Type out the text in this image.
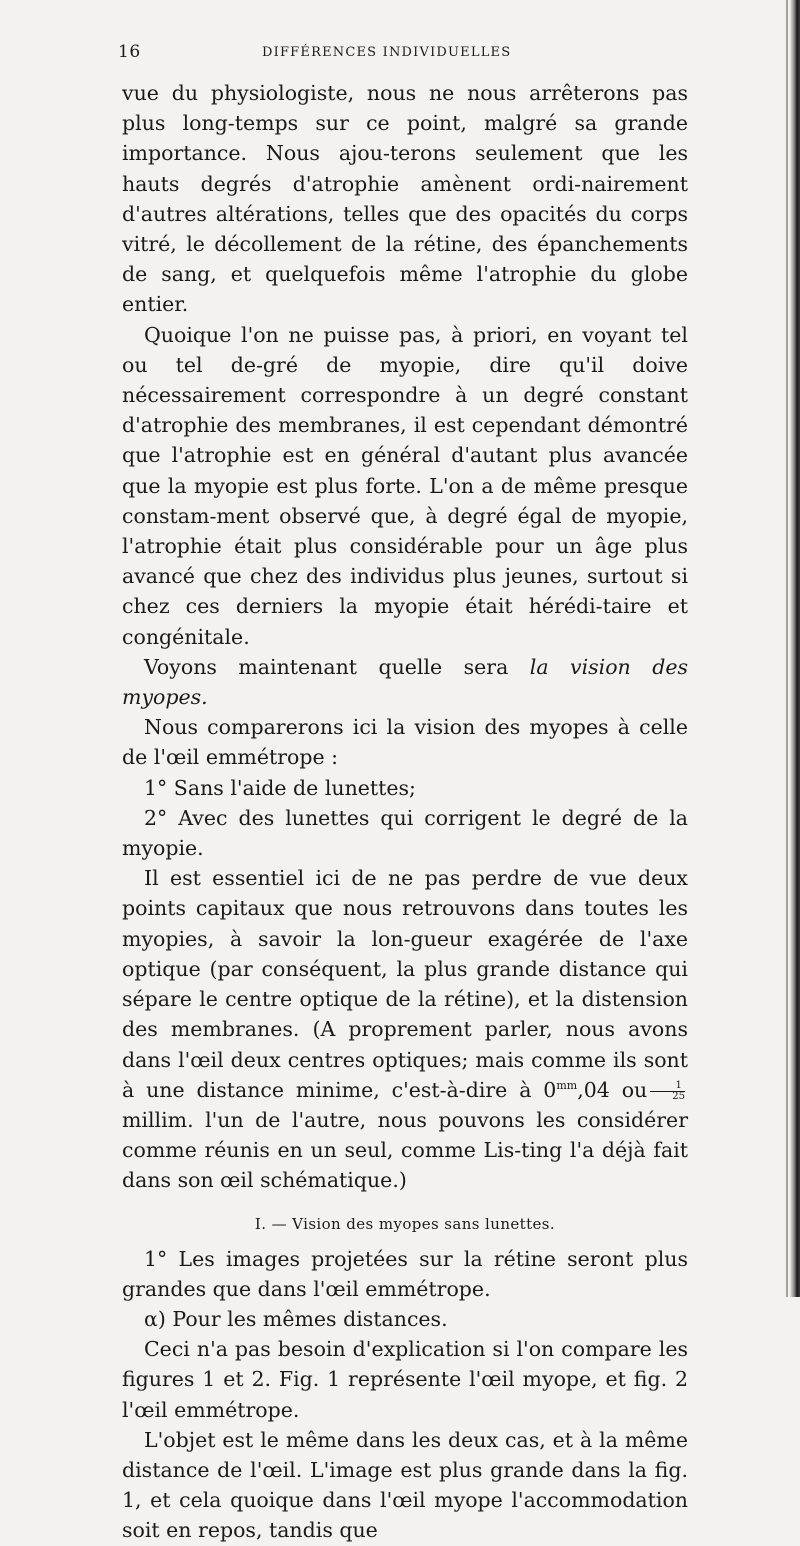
16	DIFFÉRENCES INDIVIDUELLES

vue du physiologiste, nous ne nous arrêterons pas plus long-temps sur ce point, malgré sa grande importance. Nous ajou-terons seulement que les hauts degrés d'atrophie amènent ordi-nairement d'autres altérations, telles que des opacités du corps vitré, le décollement de la rétine, des épanchements de sang, et quelquefois même l'atrophie du globe entier.

Quoique l'on ne puisse pas, à priori, en voyant tel ou tel de-gré de myopie, dire qu'il doive nécessairement correspondre à un degré constant d'atrophie des membranes, il est cependant démontré que l'atrophie est en général d'autant plus avancée que la myopie est plus forte. L'on a de même presque constam-ment observé que, à degré égal de myopie, l'atrophie était plus considérable pour un âge plus avancé que chez des individus plus jeunes, surtout si chez ces derniers la myopie était hérédi-taire et congénitale.

Voyons maintenant quelle sera la vision des myopes.

Nous comparerons ici la vision des myopes à celle de l'œil emmétrope :

1° Sans l'aide de lunettes;

2° Avec des lunettes qui corrigent le degré de la myopie.

Il est essentiel ici de ne pas perdre de vue deux points capitaux que nous retrouvons dans toutes les myopies, à savoir la lon-gueur exagérée de l'axe optique (par conséquent, la plus grande distance qui sépare le centre optique de la rétine), et la distension des membranes. (A proprement parler, nous avons dans l'œil deux centres optiques; mais comme ils sont à une distance minime, c'est-à-dire à $0^{mm},04$ ou $\frac{1}{25}$
millim. l'un de l'autre, nous pouvons les considérer comme réunis en un seul, comme Lis-ting l'a déjà fait dans son œil schématique.)

I. — Vision des myopes sans lunettes.

1° Les images projetées sur la rétine seront plus grandes que dans l'œil emmétrope.

α) Pour les mêmes distances.

Ceci n'a pas besoin d'explication si l'on compare les figures 1 et 2. Fig. 1 représente l'œil myope, et fig. 2 l'œil emmétrope.

L'objet est le même dans les deux cas, et à la même distance de l'œil. L'image est plus grande dans la fig. 1, et cela quoique dans l'œil myope l'accommodation soit en repos, tandis que
